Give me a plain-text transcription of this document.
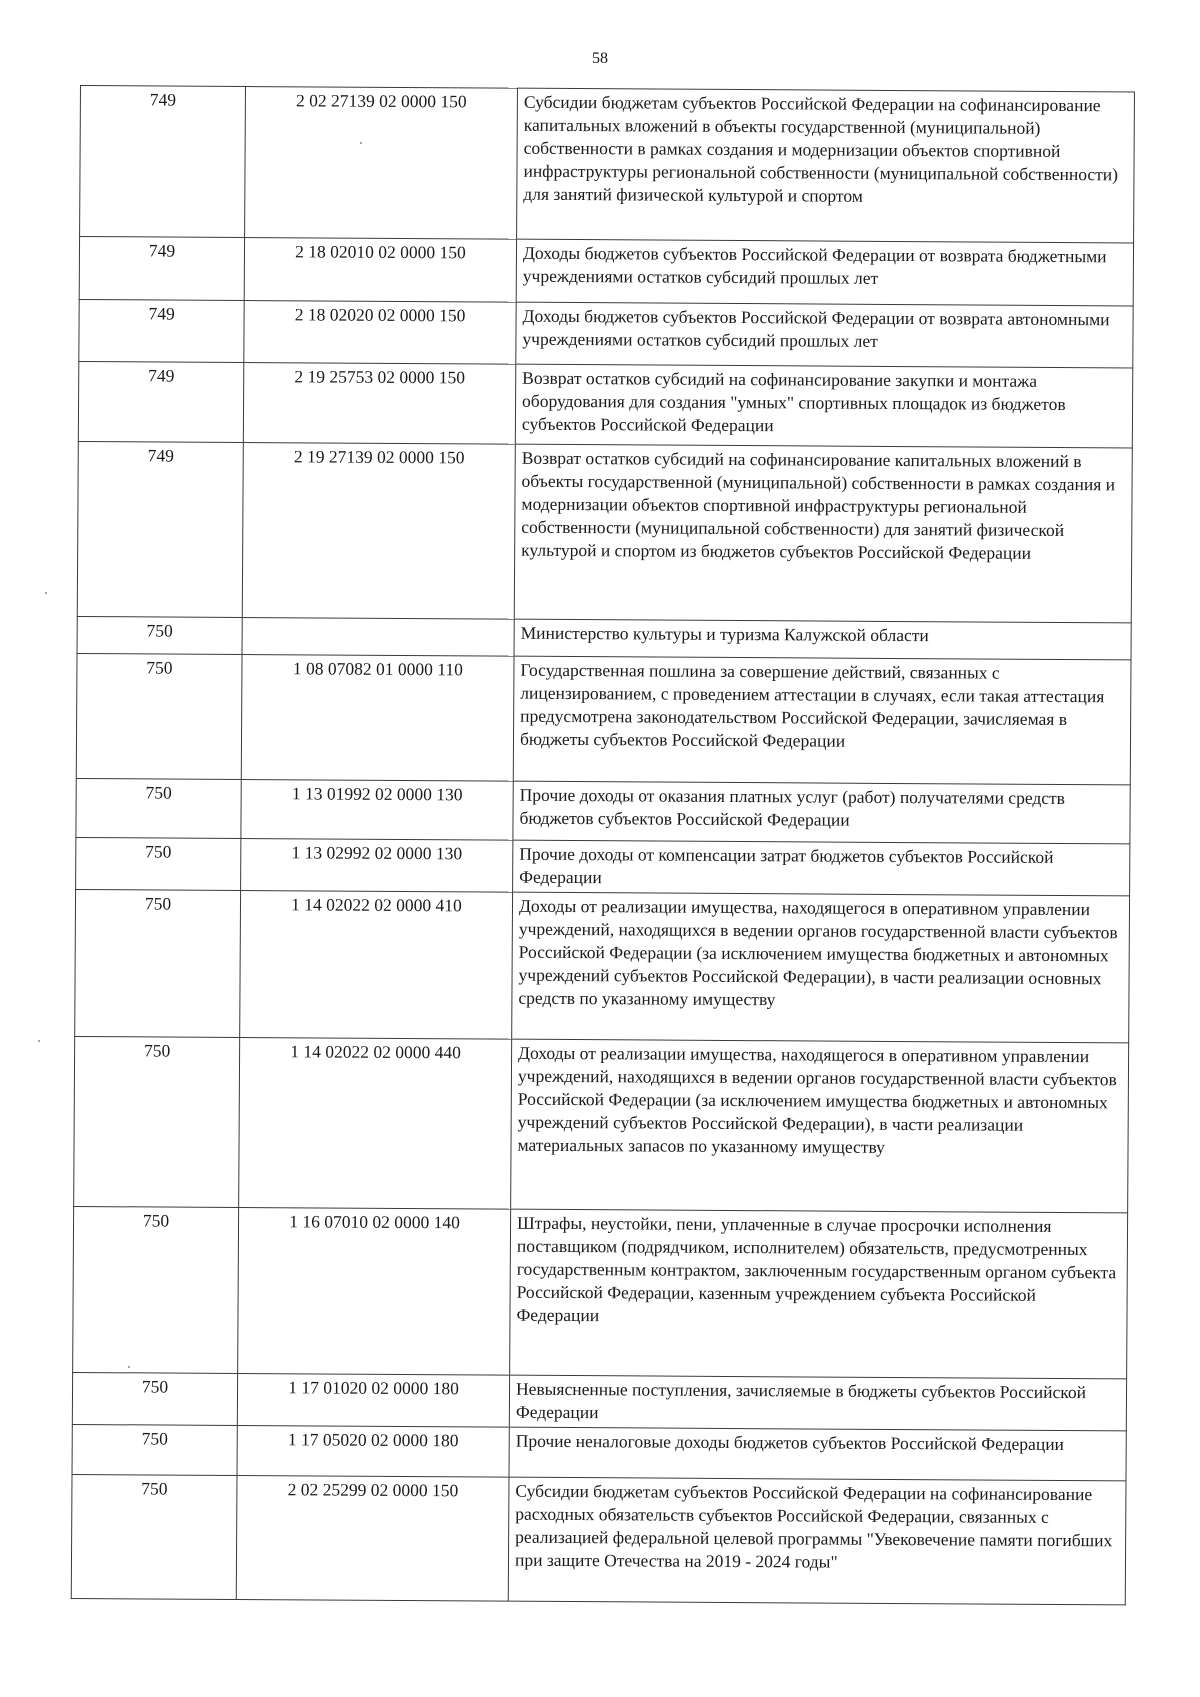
58
749	2 02 27139 02 0000 150	Субсидии бюджетам субъектов Российской Федерации на софинансирование капитальных вложений в объекты государственной (муниципальной) собственности в рамках создания и модернизации объектов спортивной инфраструктуры региональной собственности (муниципальной собственности) для занятий физической культурой и спортом
749	2 18 02010 02 0000 150	Доходы бюджетов субъектов Российской Федерации от возврата бюджетными учреждениями остатков субсидий прошлых лет
749	2 18 02020 02 0000 150	Доходы бюджетов субъектов Российской Федерации от возврата автономными учреждениями остатков субсидий прошлых лет
749	2 19 25753 02 0000 150	Возврат остатков субсидий на софинансирование закупки и монтажа оборудования для создания "умных" спортивных площадок из бюджетов субъектов Российской Федерации
749	2 19 27139 02 0000 150	Возврат остатков субсидий на софинансирование капитальных вложений в объекты государственной (муниципальной) собственности в рамках создания и модернизации объектов спортивной инфраструктуры региональной собственности (муниципальной собственности) для занятий физической культурой и спортом из бюджетов субъектов Российской Федерации
750		Министерство культуры и туризма Калужской области
750	1 08 07082 01 0000 110	Государственная пошлина за совершение действий, связанных с лицензированием, с проведением аттестации в случаях, если такая аттестация предусмотрена законодательством Российской Федерации, зачисляемая в бюджеты субъектов Российской Федерации
750	1 13 01992 02 0000 130	Прочие доходы от оказания платных услуг (работ) получателями средств бюджетов субъектов Российской Федерации
750	1 13 02992 02 0000 130	Прочие доходы от компенсации затрат бюджетов субъектов Российской Федерации
750	1 14 02022 02 0000 410	Доходы от реализации имущества, находящегося в оперативном управлении учреждений, находящихся в ведении органов государственной власти субъектов Российской Федерации (за исключением имущества бюджетных и автономных учреждений субъектов Российской Федерации), в части реализации основных средств по указанному имуществу
750	1 14 02022 02 0000 440	Доходы от реализации имущества, находящегося в оперативном управлении учреждений, находящихся в ведении органов государственной власти субъектов Российской Федерации (за исключением имущества бюджетных и автономных учреждений субъектов Российской Федерации), в части реализации материальных запасов по указанному имуществу
750	1 16 07010 02 0000 140	Штрафы, неустойки, пени, уплаченные в случае просрочки исполнения поставщиком (подрядчиком, исполнителем) обязательств, предусмотренных государственным контрактом, заключенным государственным органом субъекта Российской Федерации, казенным учреждением субъекта Российской Федерации
750	1 17 01020 02 0000 180	Невыясненные поступления, зачисляемые в бюджеты субъектов Российской Федерации
750	1 17 05020 02 0000 180	Прочие неналоговые доходы бюджетов субъектов Российской Федерации
750	2 02 25299 02 0000 150	Субсидии бюджетам субъектов Российской Федерации на софинансирование расходных обязательств субъектов Российской Федерации, связанных с реализацией федеральной целевой программы "Увековечение памяти погибших при защите Отечества на 2019 - 2024 годы"
